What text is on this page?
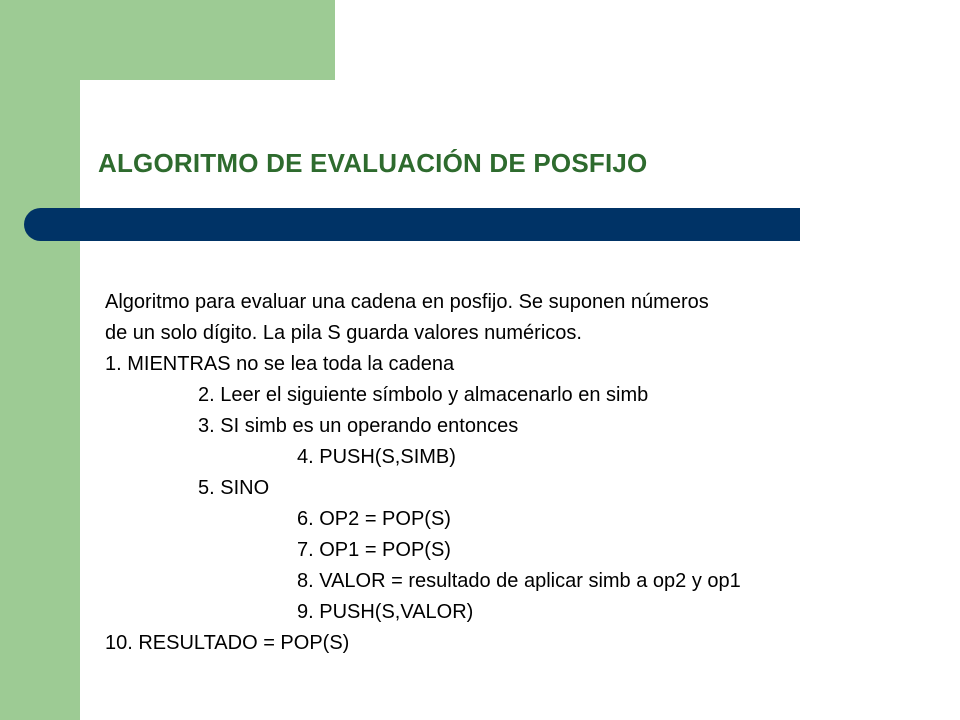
ALGORITMO DE EVALUACIÓN DE POSFIJO
Algoritmo para evaluar una cadena en posfijo. Se suponen números
de un solo dígito. La pila S guarda valores numéricos.
1. MIENTRAS no se lea toda la cadena
2. Leer el siguiente símbolo y almacenarlo en simb
3. SI simb es un operando entonces
4. PUSH(S,SIMB)
5. SINO
6. OP2 = POP(S)
7. OP1 = POP(S)
8. VALOR = resultado de aplicar simb a op2 y op1
9. PUSH(S,VALOR)
10. RESULTADO = POP(S)
